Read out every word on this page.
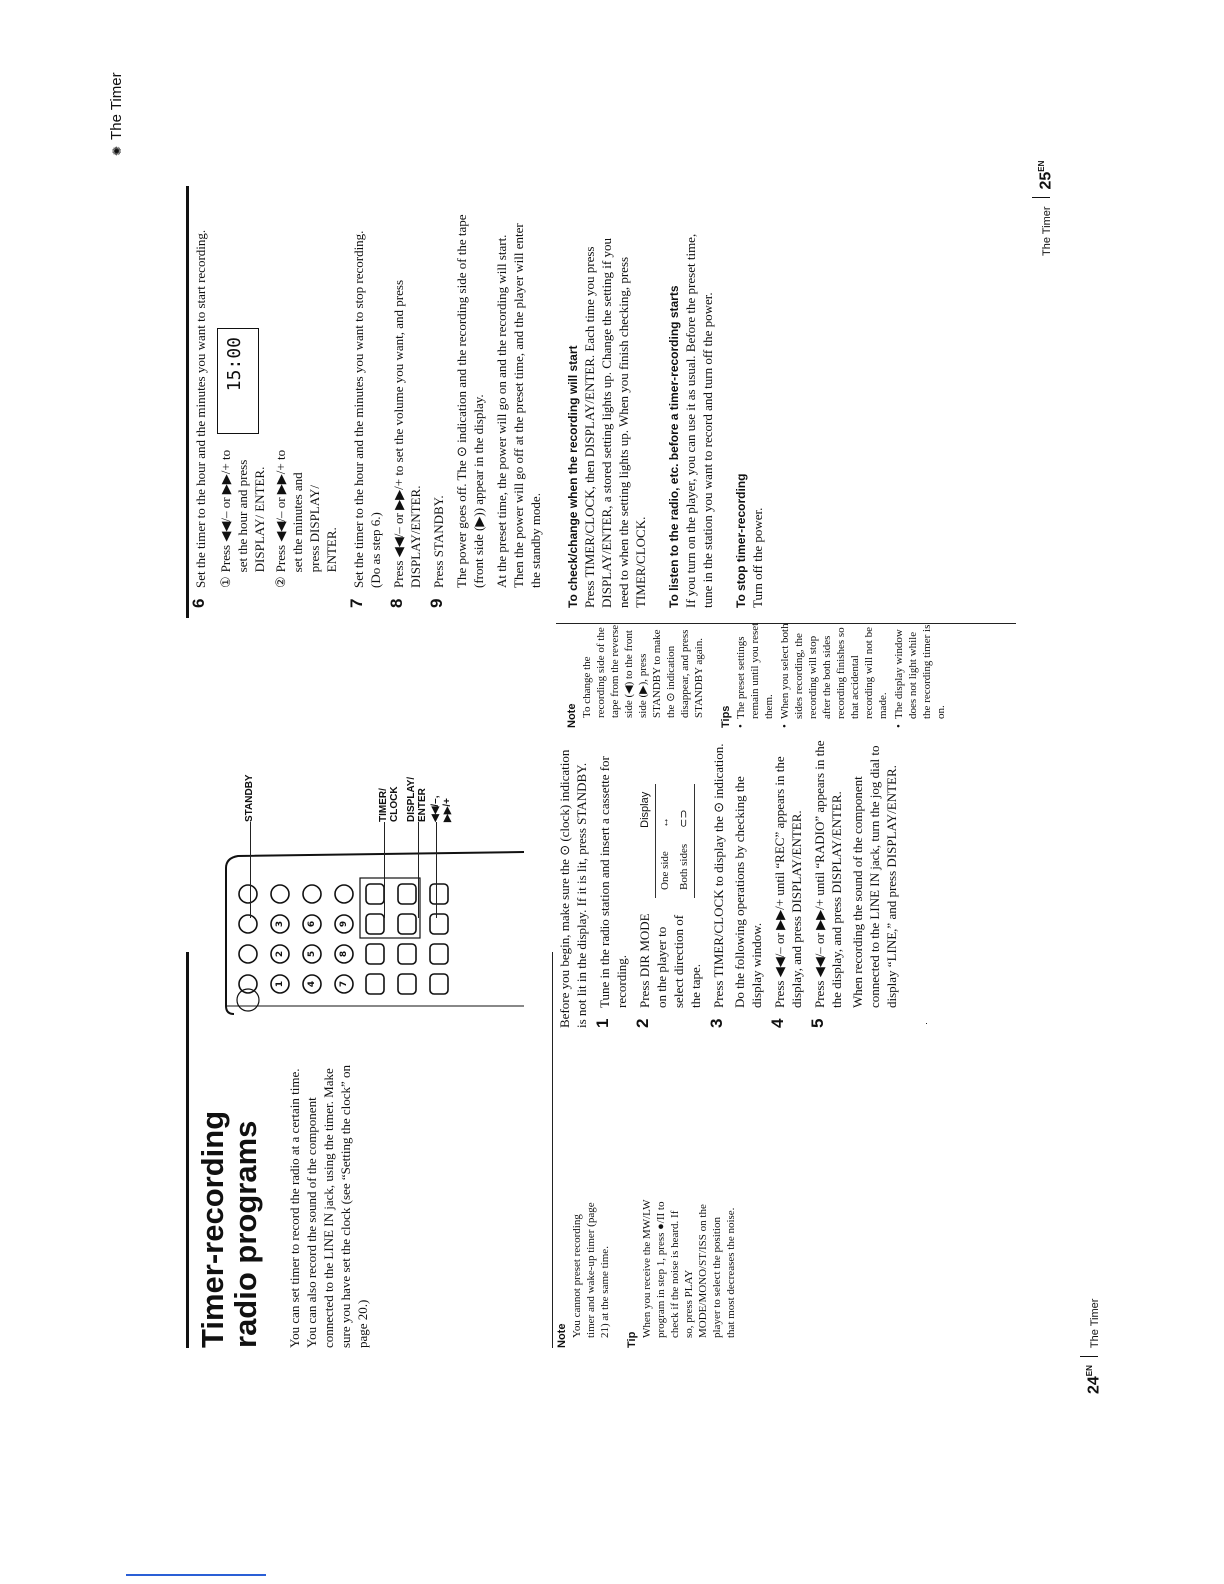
Timer-recording
radio programs You can set timer to record the radio at a certain time. You can also record the sound of the component connected to the LINE IN jack, using the timer. Make sure you have set the clock (see “Setting the clock” on page 20.)	Note You cannot preset recording timer and wake-up timer (page 21) at the same time.

Tip

When you receive the MW/LW program in step 1, press ●/II to check if the noise is heard. If so, press PLAY MODE/MONO/ST/ISS on the player to select the position that most decreases the noise.

1
2
3
4
5
6
7
8
9
STANDBY	TIMER/ CLOCK DISPLAY/ ENTER ◀◀/–, ▶▶/+	Before you begin, make sure the ⊙ (clock) indication is not lit in the display. If it is lit, press STANDBY. 1
Tune in the radio station and insert a cassette for recording.
2
Press DIR MODE on the player to select direction of the tape.
	Display
One side	↔
Both sides	⊂⊃
3
Press TIMER/CLOCK to display the ⊙ indication. Do the following operations by checking the display window.

4
Press ◀◀/– or ▶▶/+ until “REC” appears in the display, and press DISPLAY/ENTER.
5
Press ◀◀/– or ▶▶/+ until “RADIO” appears in the the display, and press DISPLAY/ENTER. When recording the sound of the component connected to the LINE IN jack, turn the jog dial to display “LINE,” and press DISPLAY/ENTER.

$24^{EN}$
The Timer
✺
The Timer
Note To change the recording side of the tape from the reverse side (◀) to the front side (▶), press STANDBY to make the ⊙ indication disappear, and press STANDBY again. Tips • The preset settings remain until you reset them. • When you select both sides recording, the recording will stop after the both sides recording finishes so that accidental recording will not be made. • The display window does not light while the recording timer is on.
6
Set the timer to the hour and the minutes you want to start recording. ①

Press ◀◀/– or ▶▶/+ to set the hour and press DISPLAY/ ENTER.

②

Press ◀◀/– or ▶▶/+ to set the minutes and press DISPLAY/ ENTER.

15:00
7
Set the timer to the hour and the minutes you want to stop recording. (Do as step 6.)
8
Press ◀◀/– or ▶▶/+ to set the volume you want, and press DISPLAY/ENTER.
9
Press STANDBY. The power goes off. The ⊙ indication and the recording side of the tape (front side (▶)) appear in the display. At the preset time, the power will go on and the recording will start. Then the power will go off at the preset time, and the player will enter the standby mode. To check/change when the recording will start Press TIMER/CLOCK, then DISPLAY/ENTER. Each time you press DISPLAY/ENTER, a stored setting lights up. Change the setting if you need to when the setting lights up. When you finish checking, press TIMER/CLOCK. To listen to the radio, etc. before a timer-recording starts If you turn on the player, you can use it as usual. Before the preset time, tune in the station you want to record and turn off the power. To stop timer-recording Turn off the power.

The Timer
$25^{EN}$
